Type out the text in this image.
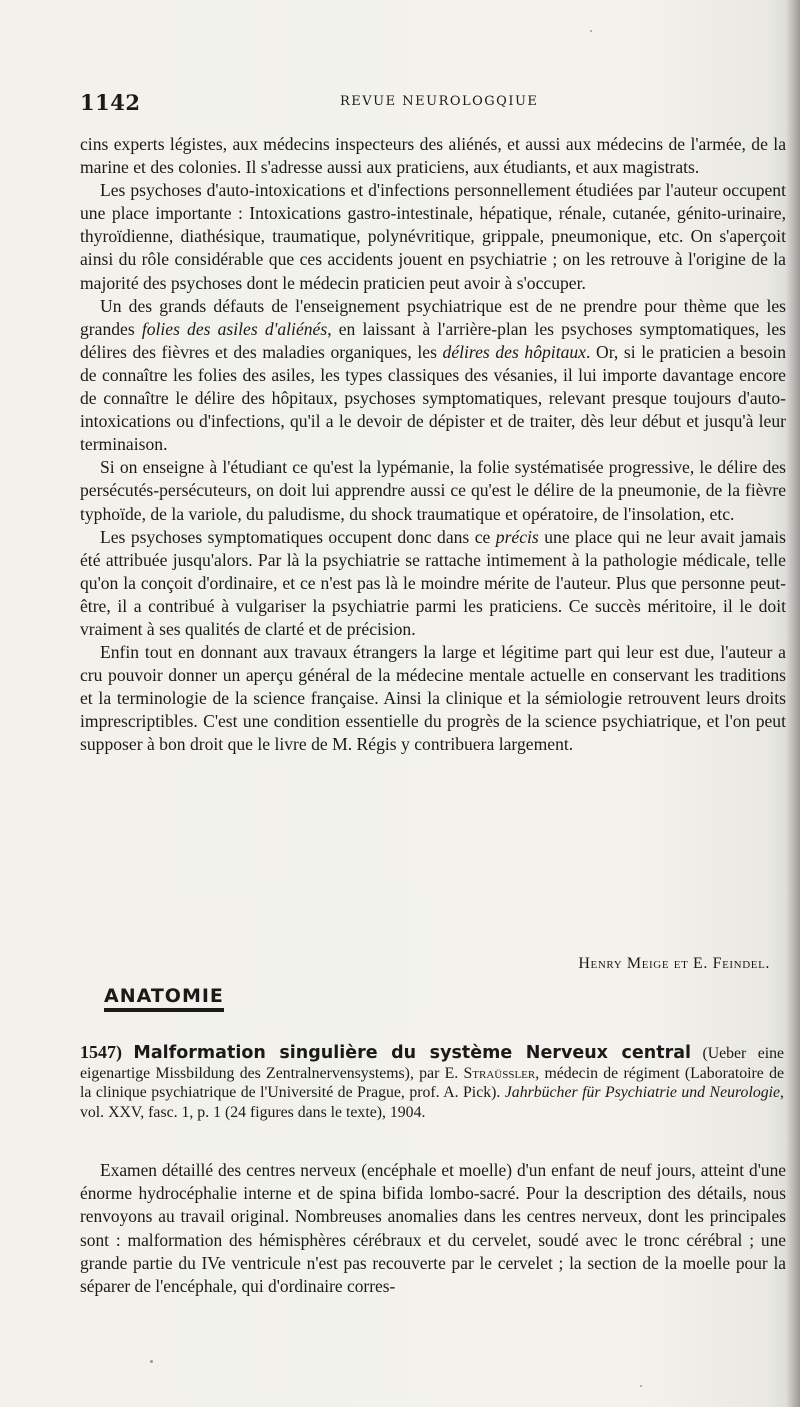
1142	REVUE NEUROLOGQIUE

cins experts légistes, aux médecins inspecteurs des aliénés, et aussi aux médecins de l'armée, de la marine et des colonies. Il s'adresse aussi aux praticiens, aux étudiants, et aux magistrats.

Les psychoses d'auto-intoxications et d'infections personnellement étudiées par l'auteur occupent une place importante : Intoxications gastro-intestinale, hépatique, rénale, cutanée, génito-urinaire, thyroïdienne, diathésique, traumatique, polynévritique, grippale, pneumonique, etc. On s'aperçoit ainsi du rôle considérable que ces accidents jouent en psychiatrie ; on les retrouve à l'origine de la majorité des psychoses dont le médecin praticien peut avoir à s'occuper.

Un des grands défauts de l'enseignement psychiatrique est de ne prendre pour thème que les grandes folies des asiles d'aliénés, en laissant à l'arrière-plan les psychoses symptomatiques, les délires des fièvres et des maladies organiques, les délires des hôpitaux. Or, si le praticien a besoin de connaître les folies des asiles, les types classiques des vésanies, il lui importe davantage encore de connaître le délire des hôpitaux, psychoses symptomatiques, relevant presque toujours d'auto-intoxications ou d'infections, qu'il a le devoir de dépister et de traiter, dès leur début et jusqu'à leur terminaison.

Si on enseigne à l'étudiant ce qu'est la lypémanie, la folie systématisée progressive, le délire des persécutés-persécuteurs, on doit lui apprendre aussi ce qu'est le délire de la pneumonie, de la fièvre typhoïde, de la variole, du paludisme, du shock traumatique et opératoire, de l'insolation, etc.

Les psychoses symptomatiques occupent donc dans ce précis une place qui ne leur avait jamais été attribuée jusqu'alors. Par là la psychiatrie se rattache intimement à la pathologie médicale, telle qu'on la conçoit d'ordinaire, et ce n'est pas là le moindre mérite de l'auteur. Plus que personne peut-être, il a contribué à vulgariser la psychiatrie parmi les praticiens. Ce succès méritoire, il le doit vraiment à ses qualités de clarté et de précision.

Enfin tout en donnant aux travaux étrangers la large et légitime part qui leur est due, l'auteur a cru pouvoir donner un aperçu général de la médecine mentale actuelle en conservant les traditions et la terminologie de la science française. Ainsi la clinique et la sémiologie retrouvent leurs droits imprescriptibles. C'est une condition essentielle du progrès de la science psychiatrique, et l'on peut supposer à bon droit que le livre de M. Régis y contribuera largement.

Henry Meige et E. Feindel.
ANATOMIE

1547) Malformation singulière du système Nerveux central (Ueber eine eigenartige Missbildung des Zentralnervensystems), par E. Straüssler, médecin de régiment (Laboratoire de la clinique psychiatrique de l'Université de Prague, prof. A. Pick). Jahrbücher für Psychiatrie und Neurologie, vol. XXV, fasc. 1, p. 1 (24 figures dans le texte), 1904.

Examen détaillé des centres nerveux (encéphale et moelle) d'un enfant de neuf jours, atteint d'une énorme hydrocéphalie interne et de spina bifida lombo-sacré. Pour la description des détails, nous renvoyons au travail original. Nombreuses anomalies dans les centres nerveux, dont les principales sont : malformation des hémisphères cérébraux et du cervelet, soudé avec le tronc cérébral ; une grande partie du IVe ventricule n'est pas recouverte par le cervelet ; la section de la moelle pour la séparer de l'encéphale, qui d'ordinaire corres-
